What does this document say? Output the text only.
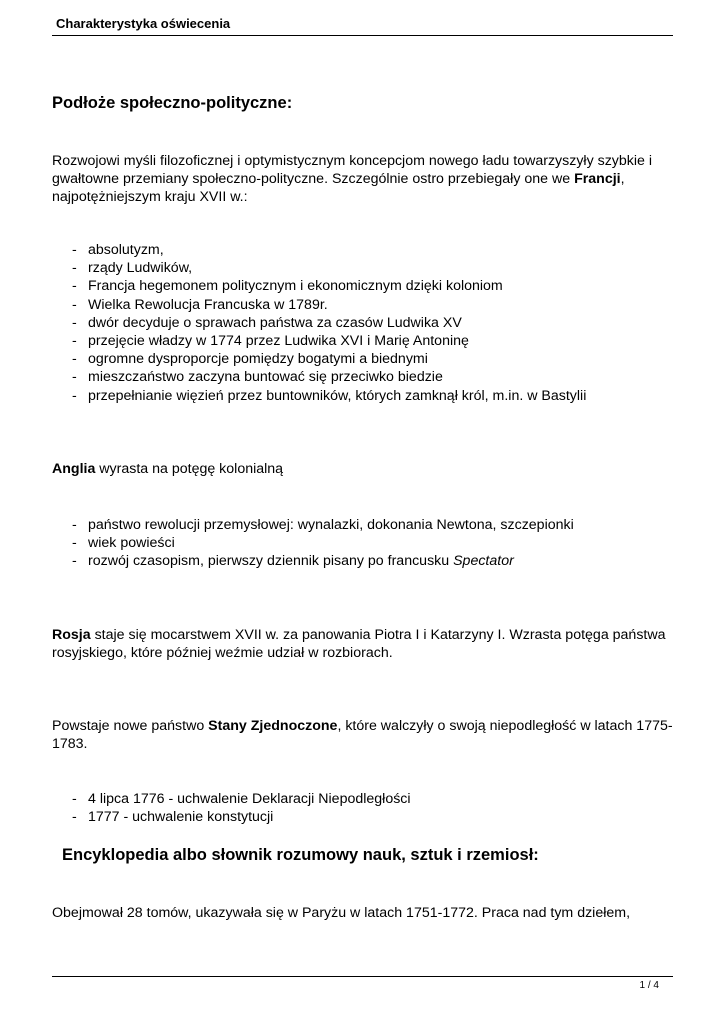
Charakterystyka oświecenia
Podłoże społeczno-polityczne:
Rozwojowi myśli filozoficznej i optymistycznym koncepcjom nowego ładu towarzyszyły szybkie i gwałtowne przemiany społeczno-polityczne. Szczególnie ostro przebiegały one we Francji, najpotężniejszym kraju XVII w.:
- absolutyzm,
- rządy Ludwików,
- Francja hegemonem politycznym i ekonomicznym dzięki koloniom
- Wielka Rewolucja Francuska w 1789r.
- dwór decyduje o sprawach państwa za czasów Ludwika XV
- przejęcie władzy w 1774 przez Ludwika XVI i Marię Antoninę
- ogromne dysproporcje pomiędzy bogatymi a biednymi
- mieszczaństwo zaczyna buntować się przeciwko biedzie
- przepełnianie więzień przez buntowników, których zamknął król, m.in. w Bastylii
Anglia wyrasta na potęgę kolonialną
- państwo rewolucji przemysłowej: wynalazki, dokonania Newtona, szczepionki
- wiek powieści
- rozwój czasopism, pierwszy dziennik pisany po francusku Spectator
Rosja staje się mocarstwem XVII w. za panowania Piotra I i Katarzyny I. Wzrasta potęga państwa rosyjskiego, które później weźmie udział w rozbiorach.
Powstaje nowe państwo Stany Zjednoczone, które walczyły o swoją niepodległość w latach 1775-1783.
- 4 lipca 1776 - uchwalenie Deklaracji Niepodległości
- 1777 - uchwalenie konstytucji
Encyklopedia albo słownik rozumowy nauk, sztuk i rzemiosł:
Obejmował 28 tomów, ukazywała się w Paryżu w latach 1751-1772. Praca nad tym dziełem,
1 / 4
